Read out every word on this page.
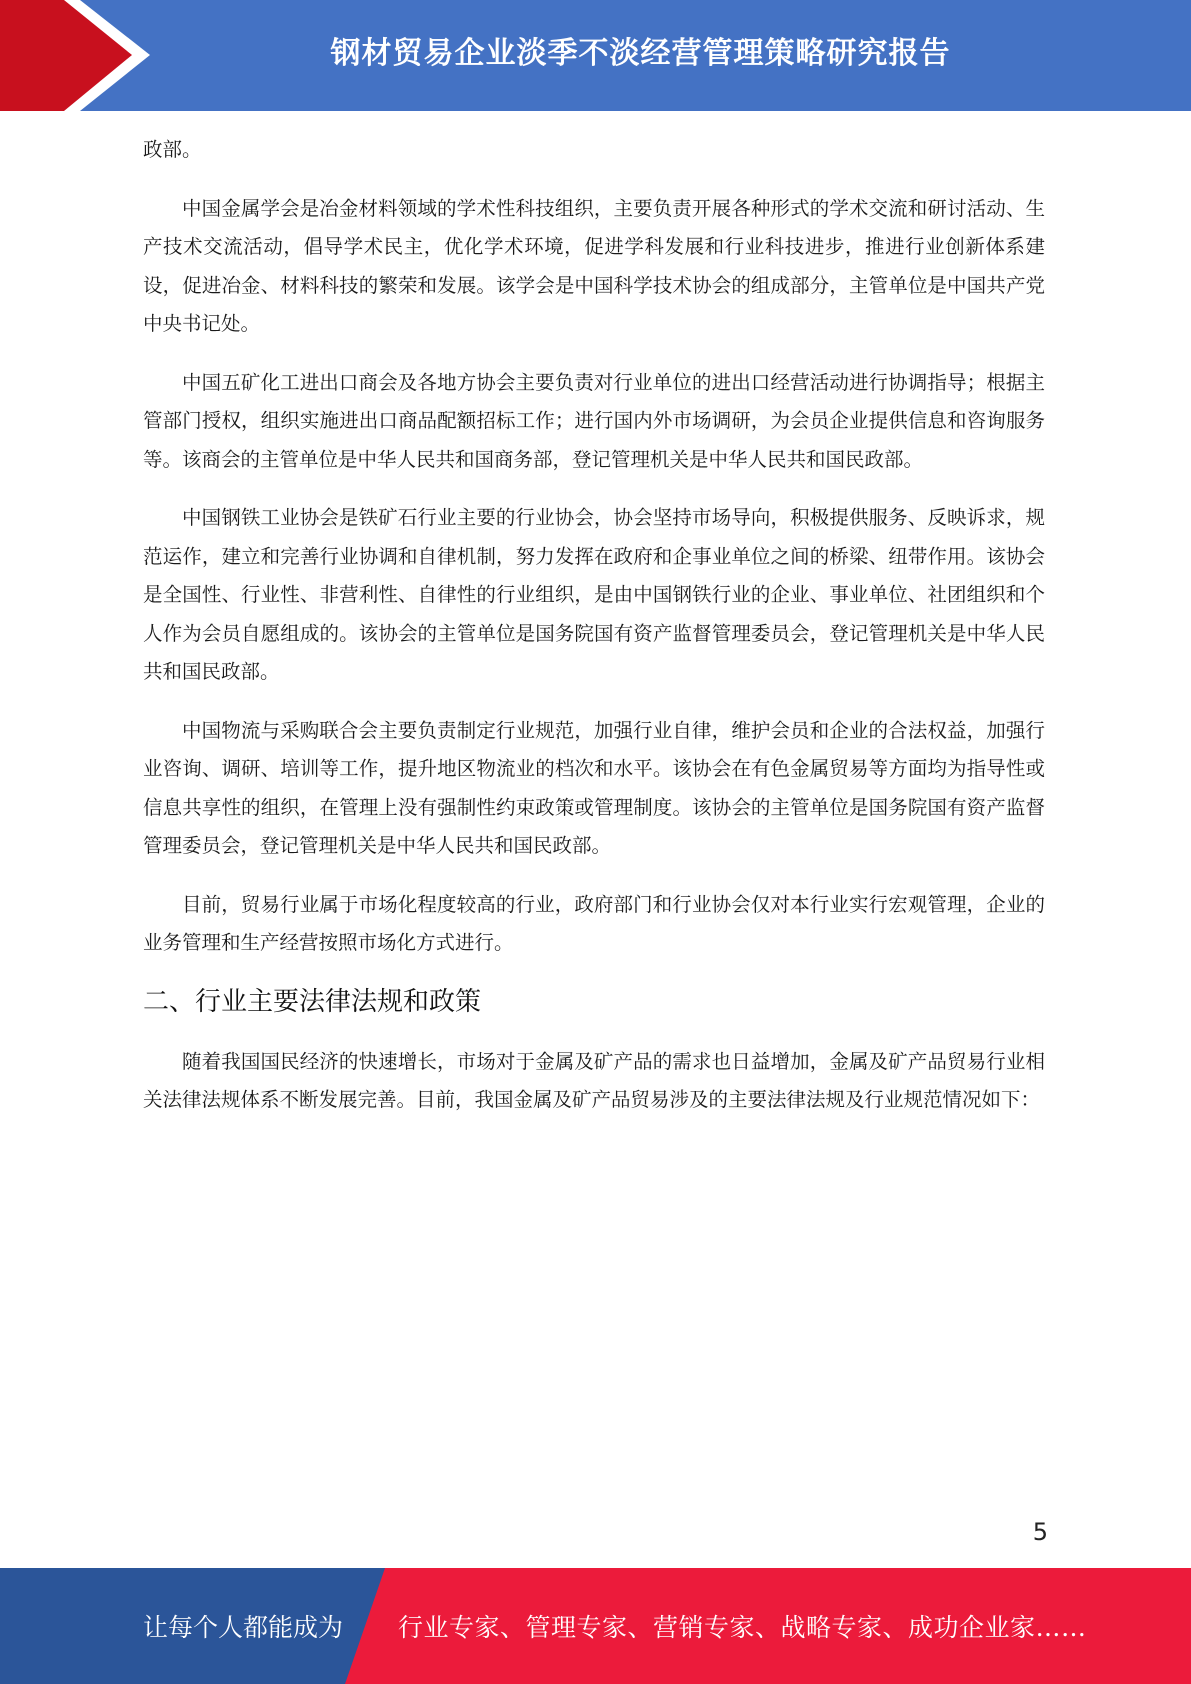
钢材贸易企业淡季不淡经营管理策略研究报告

政部。

中国金属学会是冶金材料领域的学术性科技组织，主要负责开展各种形式的学术交流和研讨活动、生产技术交流活动，倡导学术民主，优化学术环境，促进学科发展和行业科技进步，推进行业创新体系建设，促进冶金、材料科技的繁荣和发展。该学会是中国科学技术协会的组成部分，主管单位是中国共产党中央书记处。

中国五矿化工进出口商会及各地方协会主要负责对行业单位的进出口经营活动进行协调指导；根据主管部门授权，组织实施进出口商品配额招标工作；进行国内外市场调研，为会员企业提供信息和咨询服务等。该商会的主管单位是中华人民共和国商务部，登记管理机关是中华人民共和国民政部。

中国钢铁工业协会是铁矿石行业主要的行业协会，协会坚持市场导向，积极提供服务、反映诉求，规范运作，建立和完善行业协调和自律机制，努力发挥在政府和企事业单位之间的桥梁、纽带作用。该协会是全国性、行业性、非营利性、自律性的行业组织，是由中国钢铁行业的企业、事业单位、社团组织和个人作为会员自愿组成的。该协会的主管单位是国务院国有资产监督管理委员会，登记管理机关是中华人民共和国民政部。

中国物流与采购联合会主要负责制定行业规范，加强行业自律，维护会员和企业的合法权益，加强行业咨询、调研、培训等工作，提升地区物流业的档次和水平。该协会在有色金属贸易等方面均为指导性或信息共享性的组织，在管理上没有强制性约束政策或管理制度。该协会的主管单位是国务院国有资产监督管理委员会，登记管理机关是中华人民共和国民政部。

目前，贸易行业属于市场化程度较高的行业，政府部门和行业协会仅对本行业实行宏观管理，企业的业务管理和生产经营按照市场化方式进行。

二、行业主要法律法规和政策

随着我国国民经济的快速增长，市场对于金属及矿产品的需求也日益增加，金属及矿产品贸易行业相关法律法规体系不断发展完善。目前，我国金属及矿产品贸易涉及的主要法律法规及行业规范情况如下：

5
让每个人都能成为 行业专家、管理专家、营销专家、战略专家、成功企业家……
